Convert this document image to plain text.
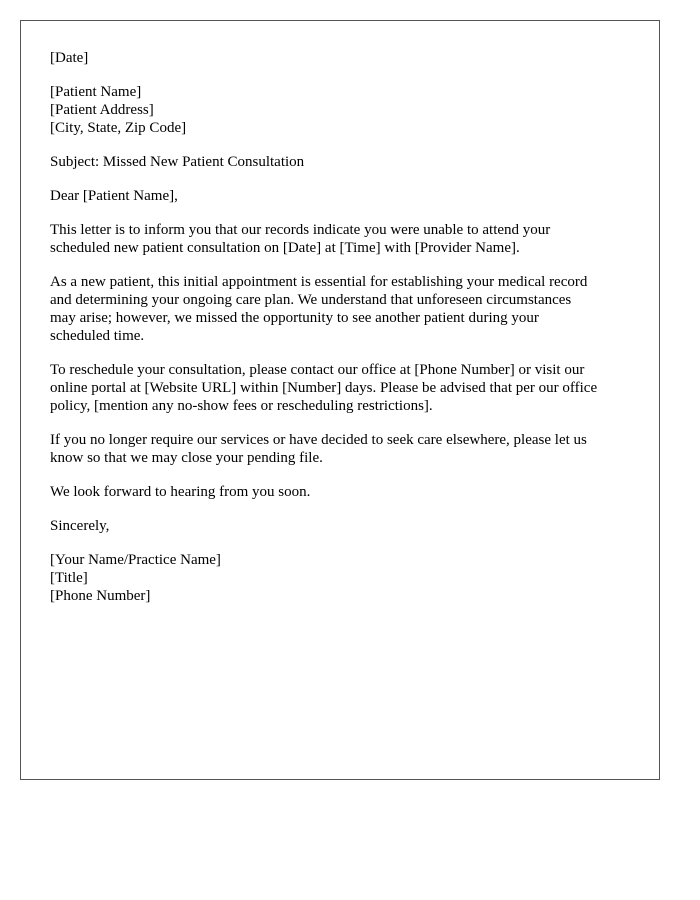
[Date]

[Patient Name]

[Patient Address]

[City, State, Zip Code]

Subject: Missed New Patient Consultation

Dear [Patient Name],

This letter is to inform you that our records indicate you were unable to attend your

scheduled new patient consultation on [Date] at [Time] with [Provider Name].

As a new patient, this initial appointment is essential for establishing your medical record

and determining your ongoing care plan. We understand that unforeseen circumstances

may arise; however, we missed the opportunity to see another patient during your

scheduled time.

To reschedule your consultation, please contact our office at [Phone Number] or visit our

online portal at [Website URL] within [Number] days. Please be advised that per our office

policy, [mention any no-show fees or rescheduling restrictions].

If you no longer require our services or have decided to seek care elsewhere, please let us

know so that we may close your pending file.

We look forward to hearing from you soon.

Sincerely,

[Your Name/Practice Name]

[Title]

[Phone Number]
